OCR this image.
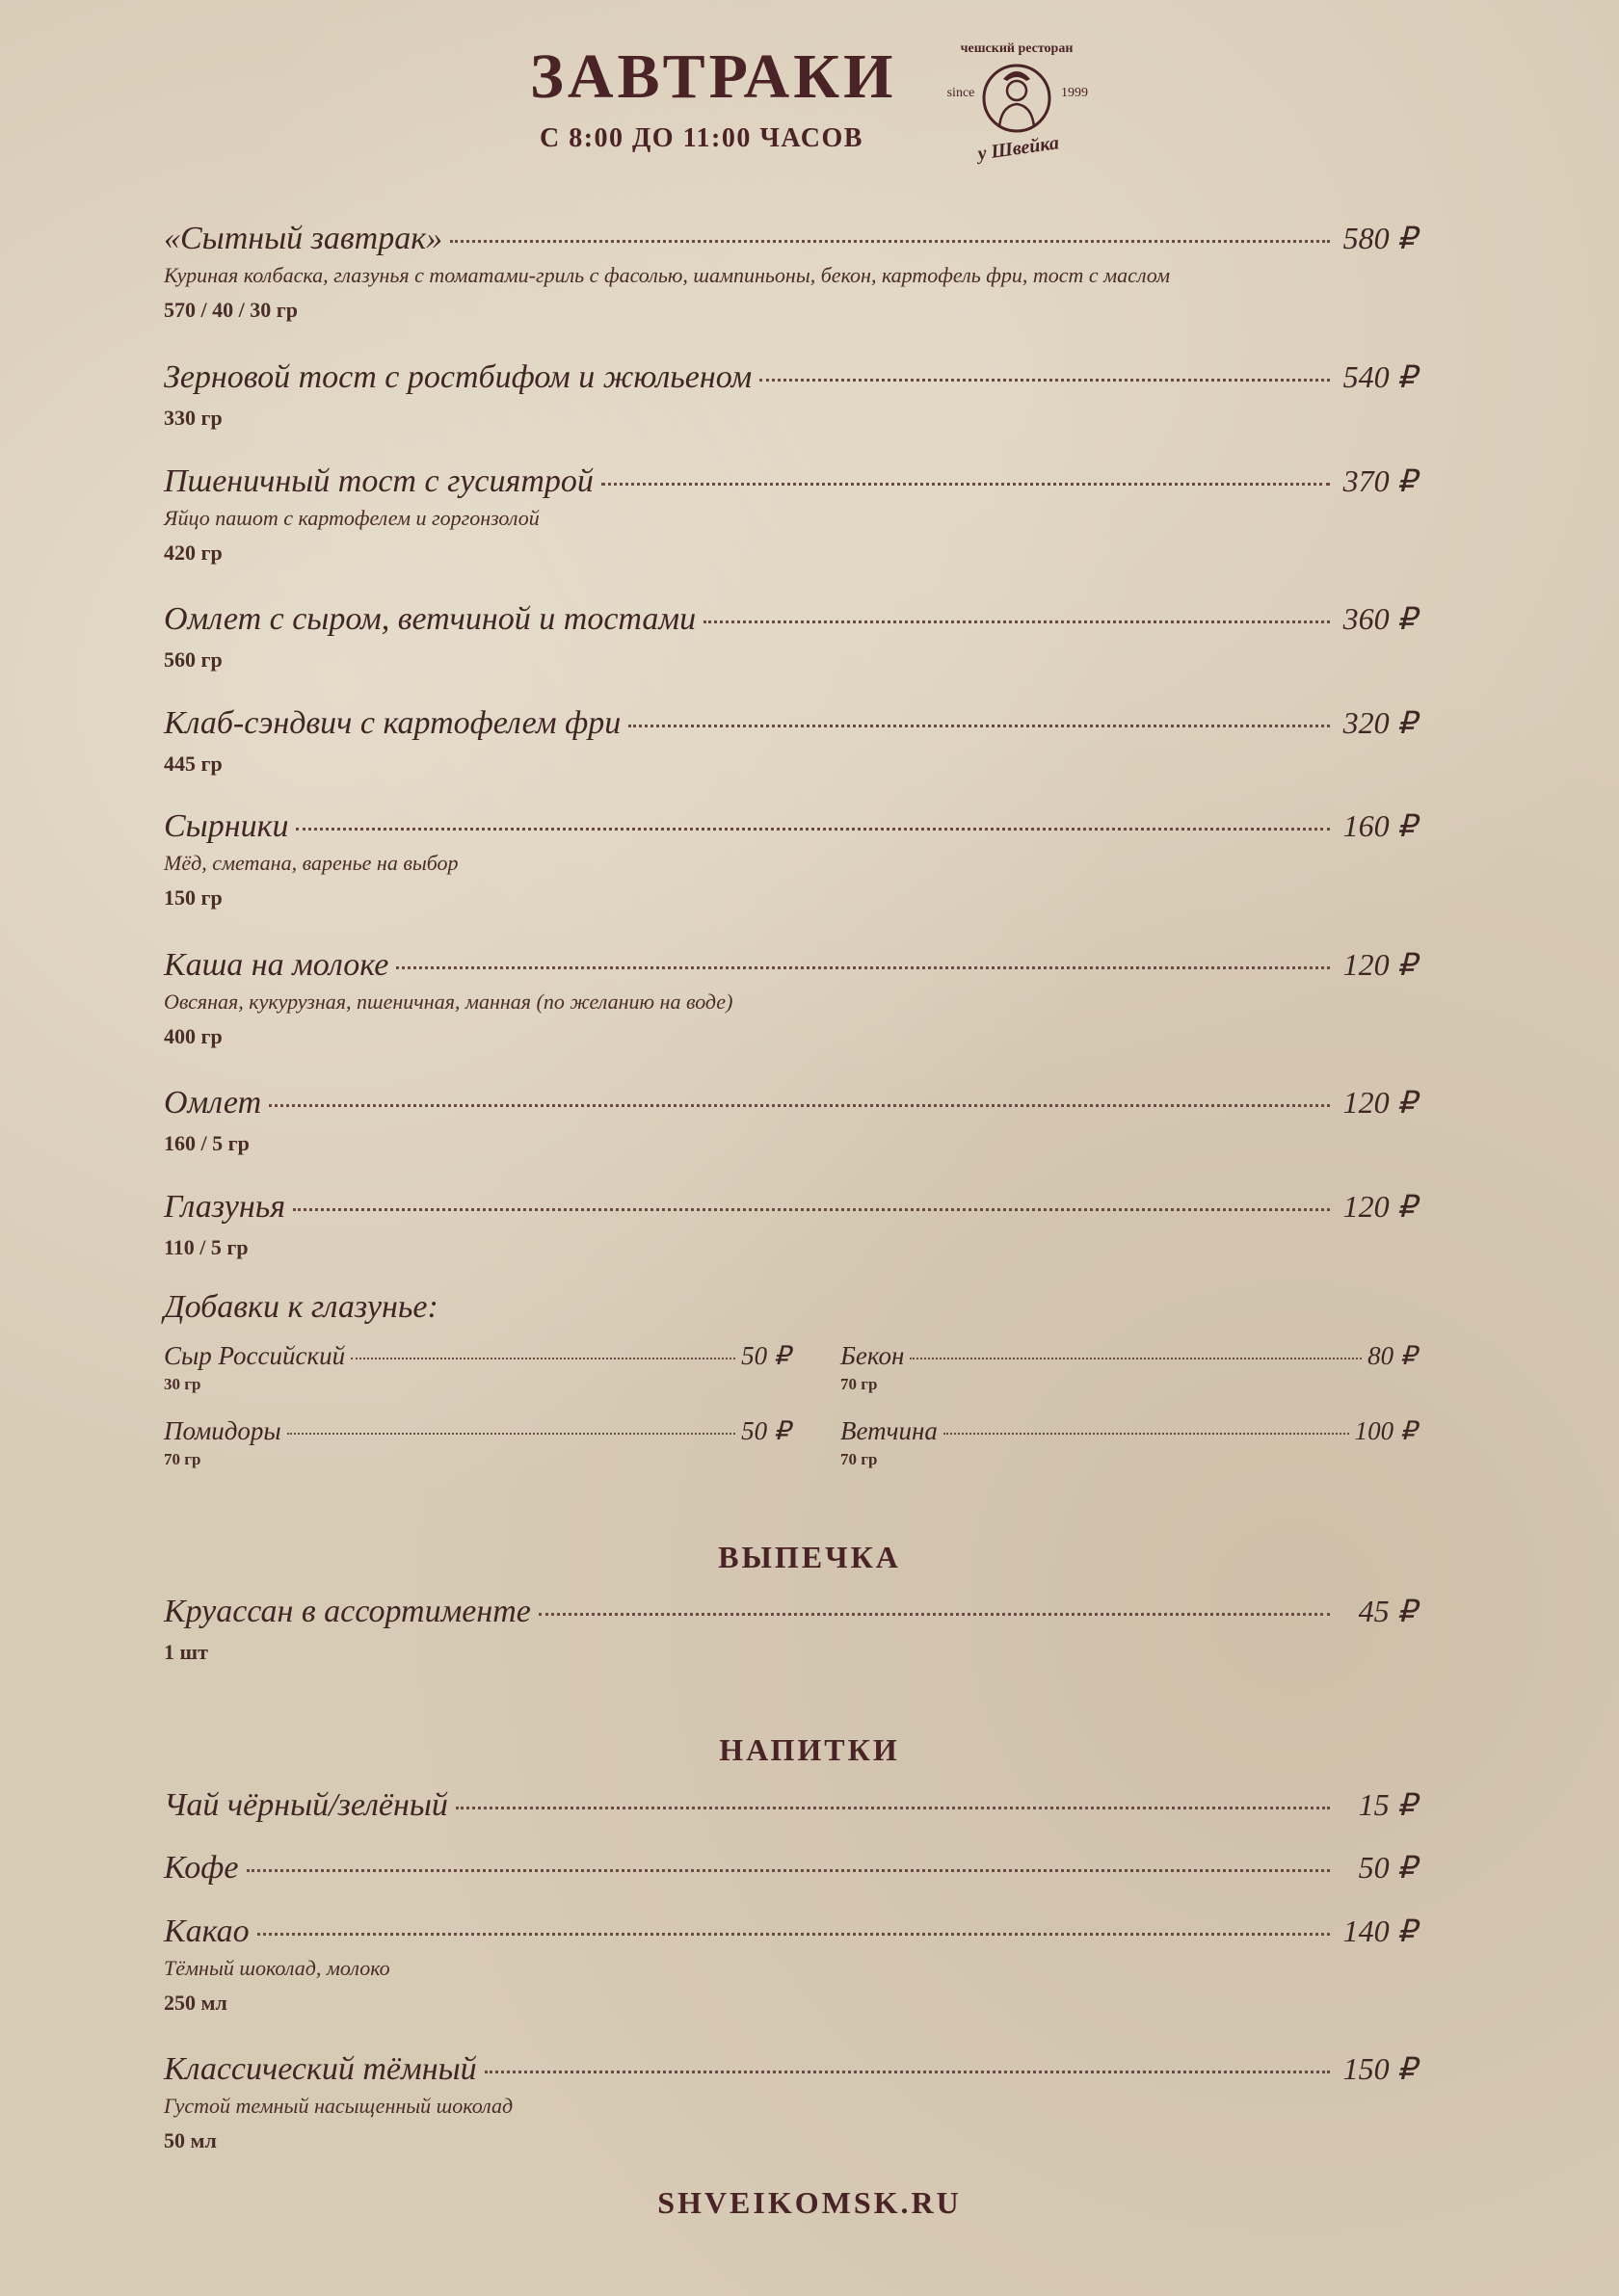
ЗАВТРАКИ
С 8:00 ДО 11:00 ЧАСОВ
чешский ресторан
since	1999
у Швейка
«Сытный завтрак»	580 ₽
Куриная колбаска, глазунья с томатами-гриль с фасолью, шампиньоны, бекон, картофель фри, тост с маслом
570 / 40 / 30 гр
Зерновой тост с ростбифом и жюльеном	540 ₽
330 гр
Пшеничный тост с гусиятрой	370 ₽
Яйцо пашот с картофелем и горгонзолой
420 гр
Омлет с сыром, ветчиной и тостами	360 ₽
560 гр
Клаб-сэндвич с картофелем фри	320 ₽
445 гр
Сырники	160 ₽
Мёд, сметана, варенье на выбор
150 гр
Каша на молоке	120 ₽
Овсяная, кукурузная, пшеничная, манная (по желанию на воде)
400 гр
Омлет	120 ₽
160 / 5 гр
Глазунья	120 ₽
110 / 5 гр
Добавки к глазунье:
Сыр Российский	50 ₽
30 гр
Бекон	80 ₽
70 гр
Помидоры	50 ₽
70 гр
Ветчина	100 ₽
70 гр
ВЫПЕЧКА
Круассан в ассортименте	45 ₽
1 шт
НАПИТКИ
Чай чёрный/зелёный	15 ₽
Кофе	50 ₽
Какао	140 ₽
Тёмный шоколад, молоко
250 мл
Классический тёмный	150 ₽
Густой темный насыщенный шоколад
50 мл
SHVEIKOMSK.RU
